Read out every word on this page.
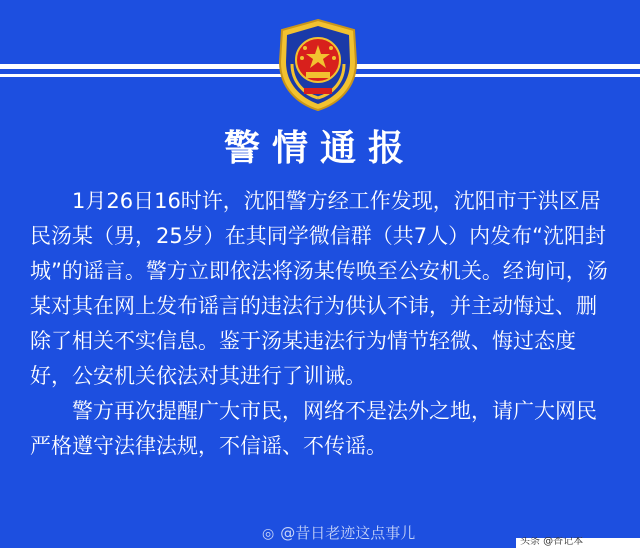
警情通报

1月26日16时许，沈阳警方经工作发现，沈阳市于洪区居民汤某（男，25岁）在其同学微信群（共7人）内发布“沈阳封城”的谣言。警方立即依法将汤某传唤至公安机关。经询问，汤某对其在网上发布谣言的违法行为供认不讳，并主动悔过、删除了相关不实信息。鉴于汤某违法行为情节轻微、悔过态度好，公安机关依法对其进行了训诫。

警方再次提醒广大市民，网络不是法外之地，请广大网民严格遵守法律法规，不信谣、不传谣。

◎ @昔日老迹这点事儿	头条 @香记本
